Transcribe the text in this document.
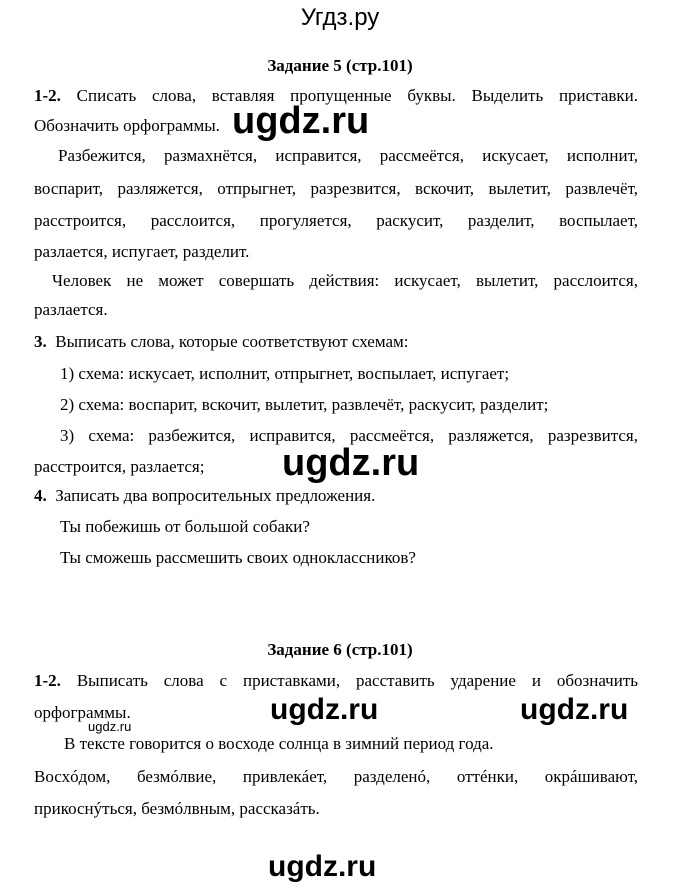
Угдз.ру
Задание 5 (стр.101)
1-2. Списать слова, вставляя пропущенные буквы. Выделить приставки.
Обозначить орфограммы.
Разбежится, размахнётся, исправится, рассмеётся, искусает, исполнит,
воспарит, разляжется, отпрыгнет, разрезвится, вскочит, вылетит, развлечёт,
расстроится, расслоится, прогуляется, раскусит, разделит, воспылает,
разлается, испугает, разделит.
Человек не может совершать действия: искусает, вылетит, расслоится,
разлается.
3. Выписать слова, которые соответствуют схемам:
1) схема: искусает, исполнит, отпрыгнет, воспылает, испугает;
2) схема: воспарит, вскочит, вылетит, развлечёт, раскусит, разделит;
3) схема: разбежится, исправится, рассмеётся, разляжется, разрезвится,
расстроится, разлается;
4. Записать два вопросительных предложения.
Ты побежишь от большой собаки?
Ты сможешь рассмешить своих одноклассников?
Задание 6 (стр.101)
1-2. Выписать слова с приставками, расставить ударение и обозначить
орфограммы.
В тексте говорится о восходе солнца в зимний период года.
Восхóдом, безмóлвие, привлекáет, разделенó, оттéнки, окрáшивают,
прикоснýться, безмóлвным, рассказáть.
ugdz.ru
ugdz.ru
ugdz.ru	ugdz.ru
ugdz.ru
ugdz.ru
